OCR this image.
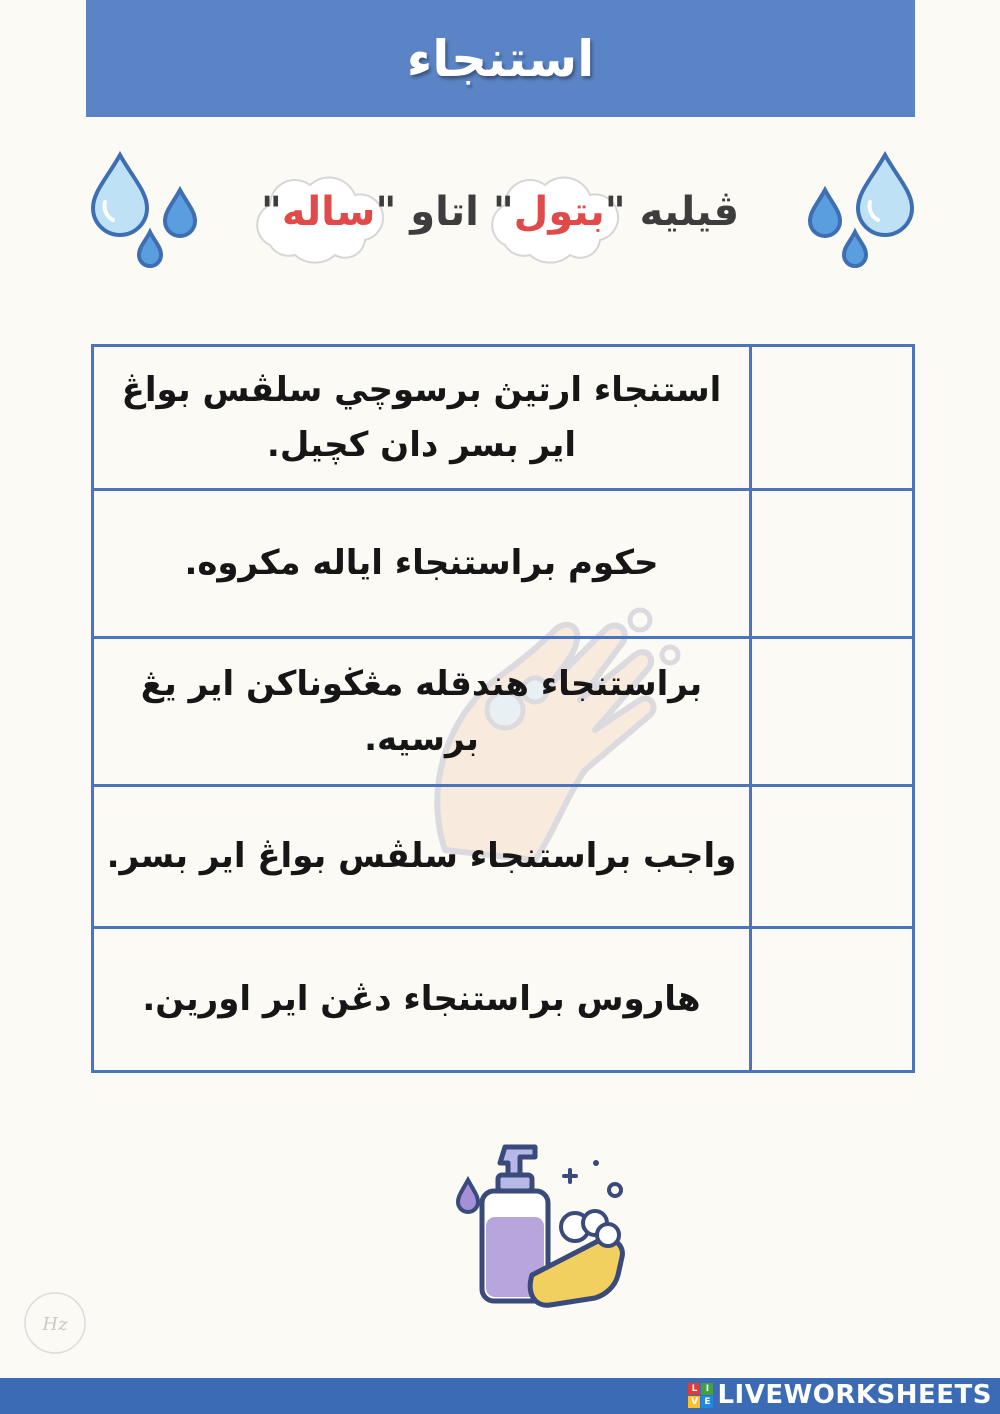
استنجاء
ڤيليه "بتول" اتاو "ساله"
استنجاء ارتيڽ برسوچي سلڤس بواڠ اير بسر دان کچيل.	

حکوم براستنجاء اياله مکروه.	

براستنجاء هندقله مڠڬوناکن اير يڠ برسيه.	

واجب براستنجاء سلڤس بواڠ اير بسر.	

هاروس براستنجاء دڠن اير اورين.	
Hz
L I
V E LIVEWORKSHEETS
